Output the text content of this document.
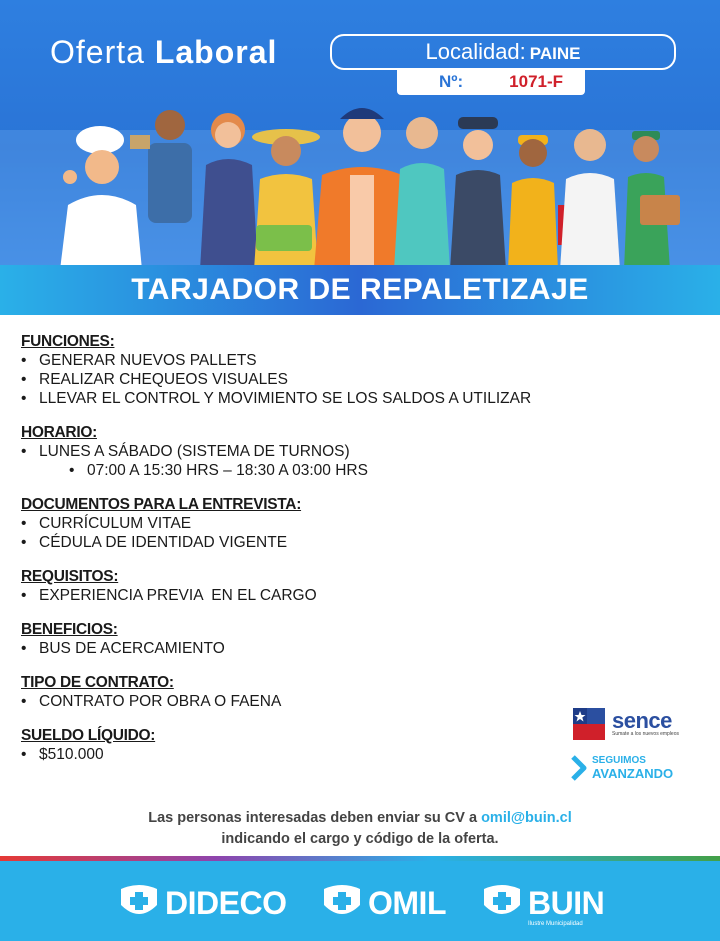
Oferta Laboral	Localidad: PAINE
Nº:	1071-F
TARJADOR DE REPALETIZAJE
FUNCIONES:
• GENERAR NUEVOS PALLETS
• REALIZAR CHEQUEOS VISUALES
• LLEVAR EL CONTROL Y MOVIMIENTO SE LOS SALDOS A UTILIZAR
HORARIO:
• LUNES A SÁBADO (SISTEMA DE TURNOS)
• 07:00 A 15:30 HRS – 18:30 A 03:00 HRS
DOCUMENTOS PARA LA ENTREVISTA:
• CURRÍCULUM VITAE
• CÉDULA DE IDENTIDAD VIGENTE
REQUISITOS:
• EXPERIENCIA PREVIA  EN EL CARGO
BENEFICIOS:
• BUS DE ACERCAMIENTO
TIPO DE CONTRATO:
• CONTRATO POR OBRA O FAENA
SUELDO LÍQUIDO:
• $510.000
sence
Sumate a los nuevos empleos
SEGUIMOS
AVANZANDO
Las personas interesadas deben enviar su CV a omil@buin.cl
indicando el cargo y código de la oferta.
DIDECO	OMIL	BUIN
Ilustre Municipalidad
